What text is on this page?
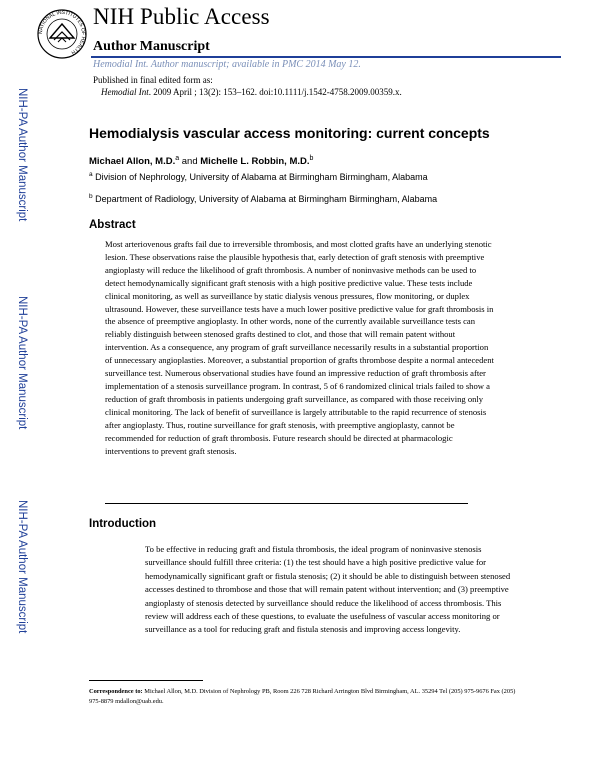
NATIONAL INSTITUTES OF HEALTH
NIH Public Access
Author Manuscript
Hemodial Int. Author manuscript; available in PMC 2014 May 12.
Published in final edited form as:
Hemodial Int. 2009 April ; 13(2): 153–162. doi:10.1111/j.1542-4758.2009.00359.x.
NIH-PA Author Manuscript
NIH-PA Author Manuscript
NIH-PA Author Manuscript
Hemodialysis vascular access monitoring: current concepts
Michael Allon, M.D.$^a$ and Michelle L. Robbin, M.D.$^b$
$^a$ Division of Nephrology, University of Alabama at Birmingham Birmingham, Alabama
$^b$ Department of Radiology, University of Alabama at Birmingham Birmingham, Alabama
Abstract

Most arteriovenous grafts fail due to irreversible thrombosis, and most clotted grafts have an underlying stenotic lesion. These observations raise the plausible hypothesis that, early detection of graft stenosis with preemptive angioplasty will reduce the likelihood of graft thrombosis. A number of noninvasive methods can be used to detect hemodynamically significant graft stenosis with a high positive predictive value. These tests include clinical monitoring, as well as surveillance by static dialysis venous pressures, flow monitoring, or duplex ultrasound. However, these surveillance tests have a much lower positive predictive value for graft thrombosis in the absence of preemptive angioplasty. In other words, none of the currently available surveillance tests can reliably distinguish between stenosed grafts destined to clot, and those that will remain patent without intervention. As a consequence, any program of graft surveillance necessarily results in a substantial proportion of unnecessary angioplasties. Moreover, a substantial proportion of grafts thrombose despite a normal antecedent surveillance test. Numerous observational studies have found an impressive reduction of graft thrombosis after implementation of a stenosis surveillance program. In contrast, 5 of 6 randomized clinical trials failed to show a reduction of graft thrombosis in patients undergoing graft surveillance, as compared with those receiving only clinical monitoring. The lack of benefit of surveillance is largely attributable to the rapid recurrence of stenosis after angioplasty. Thus, routine surveillance for graft stenosis, with preemptive angioplasty, cannot be recommended for reduction of graft thrombosis. Future research should be directed at pharmacologic interventions to prevent graft stenosis.

Introduction

To be effective in reducing graft and fistula thrombosis, the ideal program of noninvasive stenosis surveillance should fulfill three criteria: (1) the test should have a high positive predictive value for hemodynamically significant graft or fistula stenosis; (2) it should be able to distinguish between stenosed accesses destined to thrombose and those that will remain patent without intervention; and (3) preemptive angioplasty of stenosis detected by surveillance should reduce the likelihood of access thrombosis. This review will address each of these questions, to evaluate the usefulness of vascular access monitoring or surveillance as a tool for reducing graft and fistula stenosis and improving access longevity.

Correspondence to: Michael Allon, M.D. Division of Nephrology PB, Room 226 728 Richard Arrington Blvd Birmingham, AL. 35294 Tel (205) 975-9676 Fax (205) 975-8879 mdallon@uab.edu.
